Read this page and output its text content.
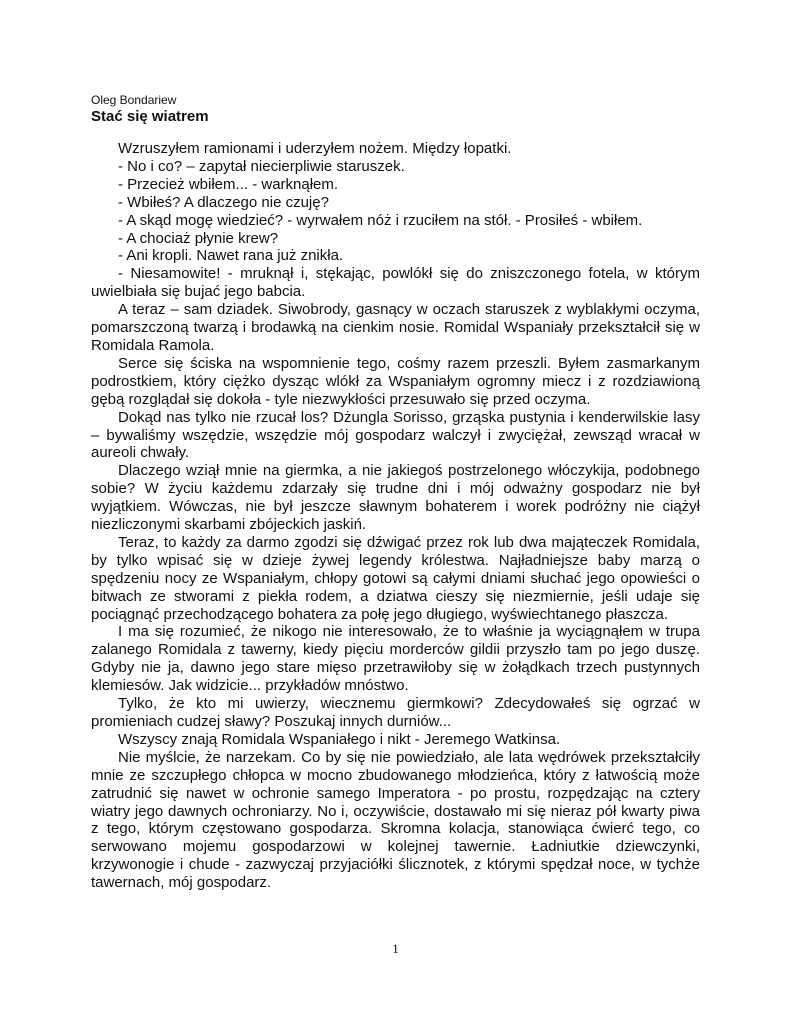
Oleg Bondariew

Stać się wiatrem

Wzruszyłem ramionami i uderzyłem nożem. Między łopatki.

- No i co? – zapytał niecierpliwie staruszek.

- Przecież wbiłem... - warknąłem.

- Wbiłeś? A dlaczego nie czuję?

- A skąd mogę wiedzieć? - wyrwałem nóż i rzuciłem na stół. - Prosiłeś - wbiłem.

- A chociaż płynie krew?

- Ani kropli. Nawet rana już znikła.

- Niesamowite! - mruknął i, stękając, powlókł się do zniszczonego fotela, w którym uwielbiała się bujać jego babcia.

A teraz – sam dziadek. Siwobrody, gasnący w oczach staruszek z wyblakłymi oczyma, pomarszczoną twarzą i brodawką na cienkim nosie. Romidal Wspaniały przekształcił się w Romidala Ramola.

Serce się ściska na wspomnienie tego, cośmy razem przeszli. Byłem zasmarkanym podrostkiem, który ciężko dysząc wlókł za Wspaniałym ogromny miecz i z rozdziawioną gębą rozglądał się dokoła - tyle niezwykłości przesuwało się przed oczyma.

Dokąd nas tylko nie rzucał los? Dżungla Sorisso, grząska pustynia i kenderwilskie lasy – bywaliśmy wszędzie, wszędzie mój gospodarz walczył i zwyciężał, zewsząd wracał w aureoli chwały.

Dlaczego wziął mnie na giermka, a nie jakiegoś postrzelonego włóczykija, podobnego sobie? W życiu każdemu zdarzały się trudne dni i mój odważny gospodarz nie był wyjątkiem. Wówczas, nie był jeszcze sławnym bohaterem i worek podróżny nie ciążył niezliczonymi skarbami zbójeckich jaskiń.

Teraz, to każdy za darmo zgodzi się dźwigać przez rok lub dwa mająteczek Romidala, by tylko wpisać się w dzieje żywej legendy królestwa. Najładniejsze baby marzą o spędzeniu nocy ze Wspaniałym, chłopy gotowi są całymi dniami słuchać jego opowieści o bitwach ze stworami z piekła rodem, a dziatwa cieszy się niezmiernie, jeśli udaje się pociągnąć przechodzącego bohatera za połę jego długiego, wyświechtanego płaszcza.

I ma się rozumieć, że nikogo nie interesowało, że to właśnie ja wyciągnąłem w trupa zalanego Romidala z tawerny, kiedy pięciu morderców gildii przyszło tam po jego duszę. Gdyby nie ja, dawno jego stare mięso przetrawiłoby się w żołądkach trzech pustynnych klemiesów. Jak widzicie... przykładów mnóstwo.

Tylko, że kto mi uwierzy, wiecznemu giermkowi? Zdecydowałeś się ogrzać w promieniach cudzej sławy? Poszukaj innych durniów...

Wszyscy znają Romidala Wspaniałego i nikt - Jeremego Watkinsa.

Nie myślcie, że narzekam. Co by się nie powiedziało, ale lata wędrówek przekształciły mnie ze szczupłego chłopca w mocno zbudowanego młodzieńca, który z łatwością może zatrudnić się nawet w ochronie samego Imperatora - po prostu, rozpędzając na cztery wiatry jego dawnych ochroniarzy. No i, oczywiście, dostawało mi się nieraz pół kwarty piwa z tego, którym częstowano gospodarza. Skromna kolacja, stanowiąca ćwierć tego, co serwowano mojemu gospodarzowi w kolejnej tawernie. Ładniutkie dziewczynki, krzywonogie i chude - zazwyczaj przyjaciółki ślicznotek, z którymi spędzał noce, w tychże tawernach, mój gospodarz.

1
